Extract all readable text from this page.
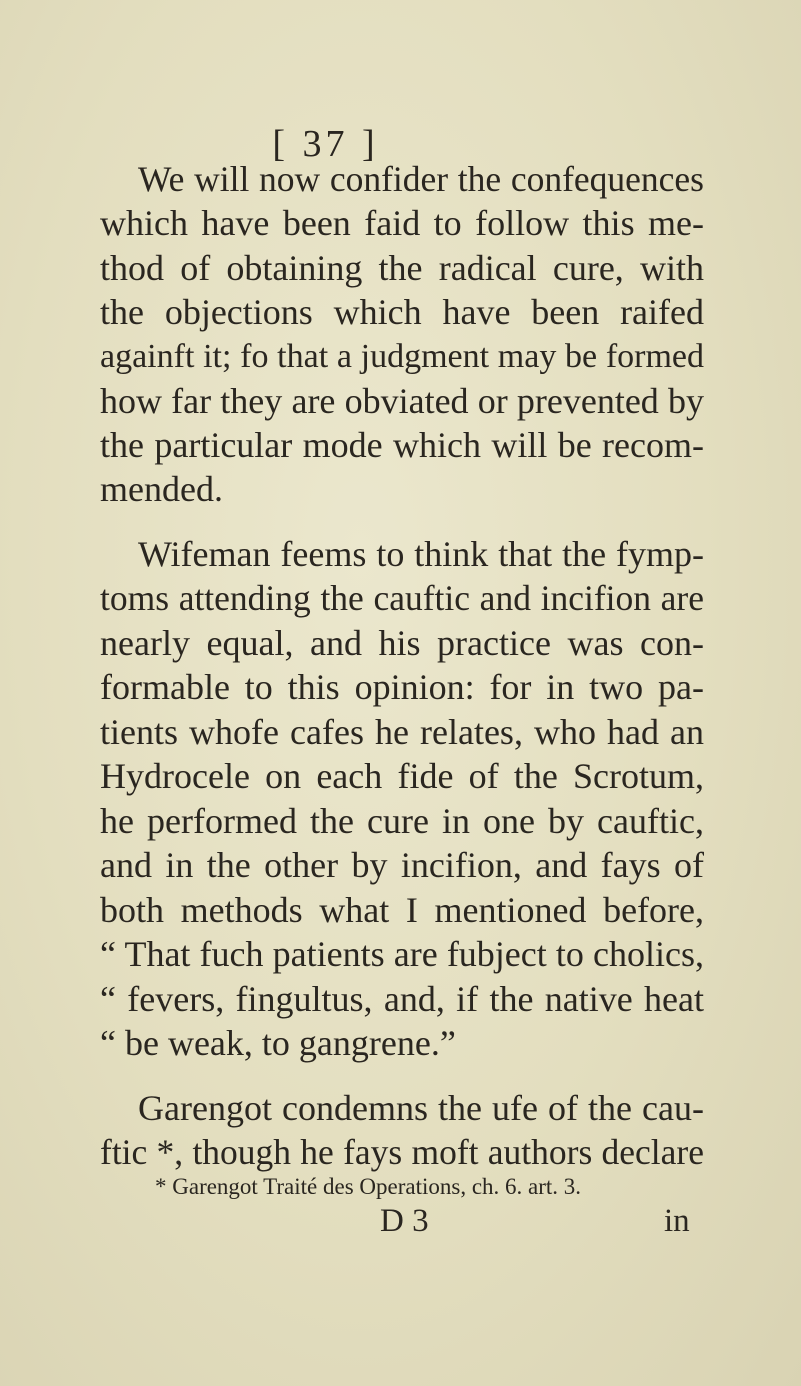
[ 37 ]
We will now confider the confequences
which have been faid to follow this me-
thod of obtaining the radical cure, with
the objections which have been raifed
againft it; fo that a judgment may be formed
how far they are obviated or prevented by
the particular mode which will be recom-
mended.
Wifeman feems to think that the fymp-
toms attending the cauftic and incifion are
nearly equal, and his practice was con-
formable to this opinion: for in two pa-
tients whofe cafes he relates, who had an
Hydrocele on each fide of the Scrotum,
he performed the cure in one by cauftic,
and in the other by incifion, and fays of
both methods what I mentioned before,
“ That fuch patients are fubject to cholics,
“ fevers, fingultus, and, if the native heat
“ be weak, to gangrene.”
Garengot condemns the ufe of the cau-
ftic *, though he fays moft authors declare
* Garengot Traité des Operations, ch. 6. art. 3.
D 3	in
